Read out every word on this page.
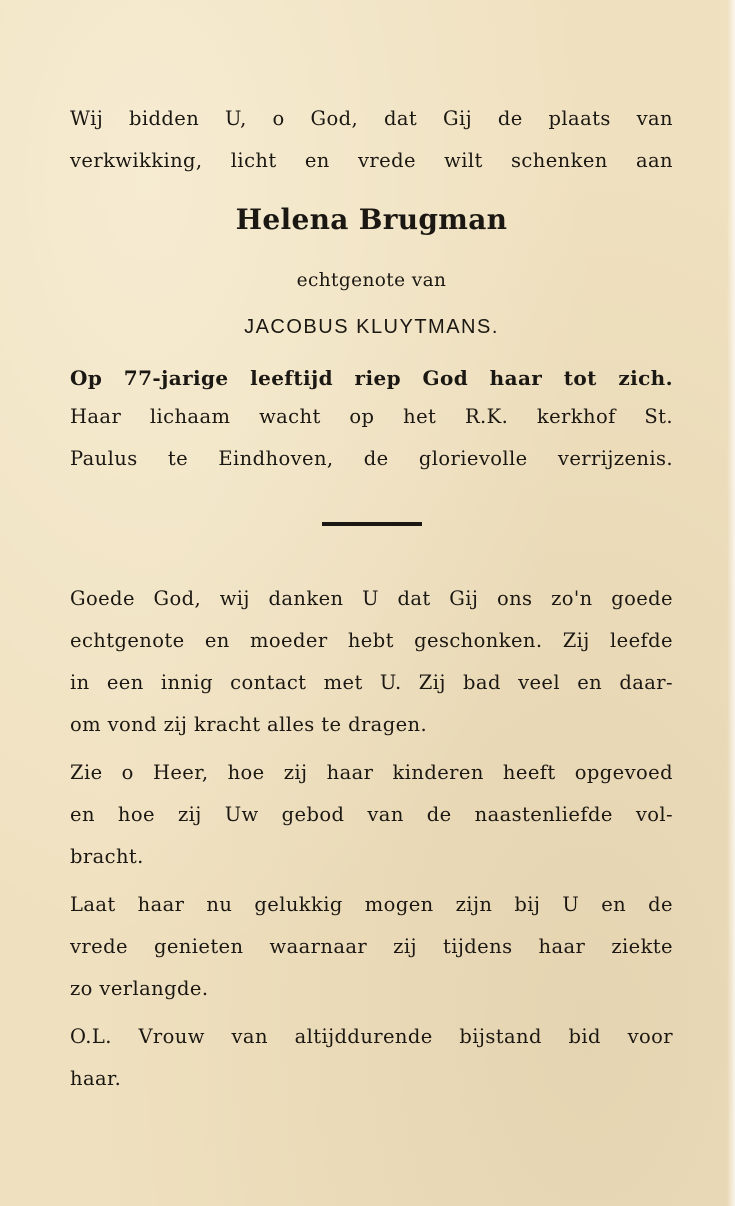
Wij bidden U, o God, dat Gij de plaats van

verkwikking, licht en vrede wilt schenken aan

Helena Brugman

echtgenote van

JACOBUS KLUYTMANS.

Op 77-jarige leeftijd riep God haar tot zich.

Haar lichaam wacht op het R.K. kerkhof St.

Paulus te Eindhoven, de glorievolle verrijzenis.

Goede God, wij danken U dat Gij ons zo'n goede

echtgenote en moeder hebt geschonken. Zij leefde

in een innig contact met U. Zij bad veel en daar-

om vond zij kracht alles te dragen.

Zie o Heer, hoe zij haar kinderen heeft opgevoed

en hoe zij Uw gebod van de naastenliefde vol-

bracht.

Laat haar nu gelukkig mogen zijn bij U en de

vrede genieten waarnaar zij tijdens haar ziekte

zo verlangde.

O.L. Vrouw van altijddurende bijstand bid voor

haar.
